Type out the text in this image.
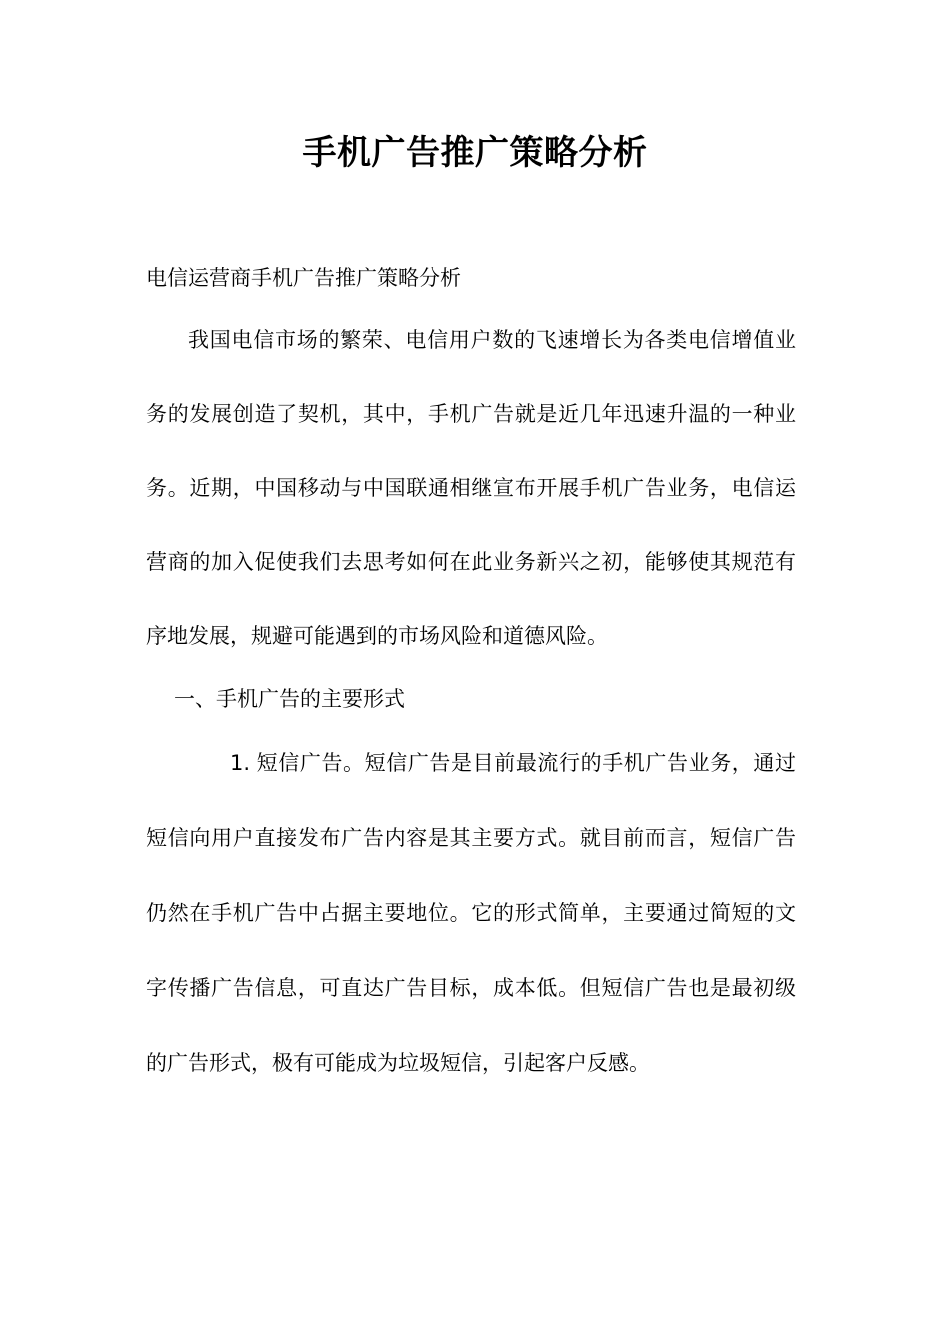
手机广告推广策略分析
电信运营商手机广告推广策略分析

我国电信市场的繁荣、电信用户数的飞速增长为各类电信增值业务的发展创造了契机，其中，手机广告就是近几年迅速升温的一种业务。近期，中国移动与中国联通相继宣布开展手机广告业务，电信运营商的加入促使我们去思考如何在此业务新兴之初，能够使其规范有序地发展，规避可能遇到的市场风险和道德风险。

一、手机广告的主要形式

1. 短信广告。短信广告是目前最流行的手机广告业务，通过短信向用户直接发布广告内容是其主要方式。就目前而言，短信广告仍然在手机广告中占据主要地位。它的形式简单，主要通过简短的文字传播广告信息，可直达广告目标，成本低。但短信广告也是最初级的广告形式，极有可能成为垃圾短信，引起客户反感。
